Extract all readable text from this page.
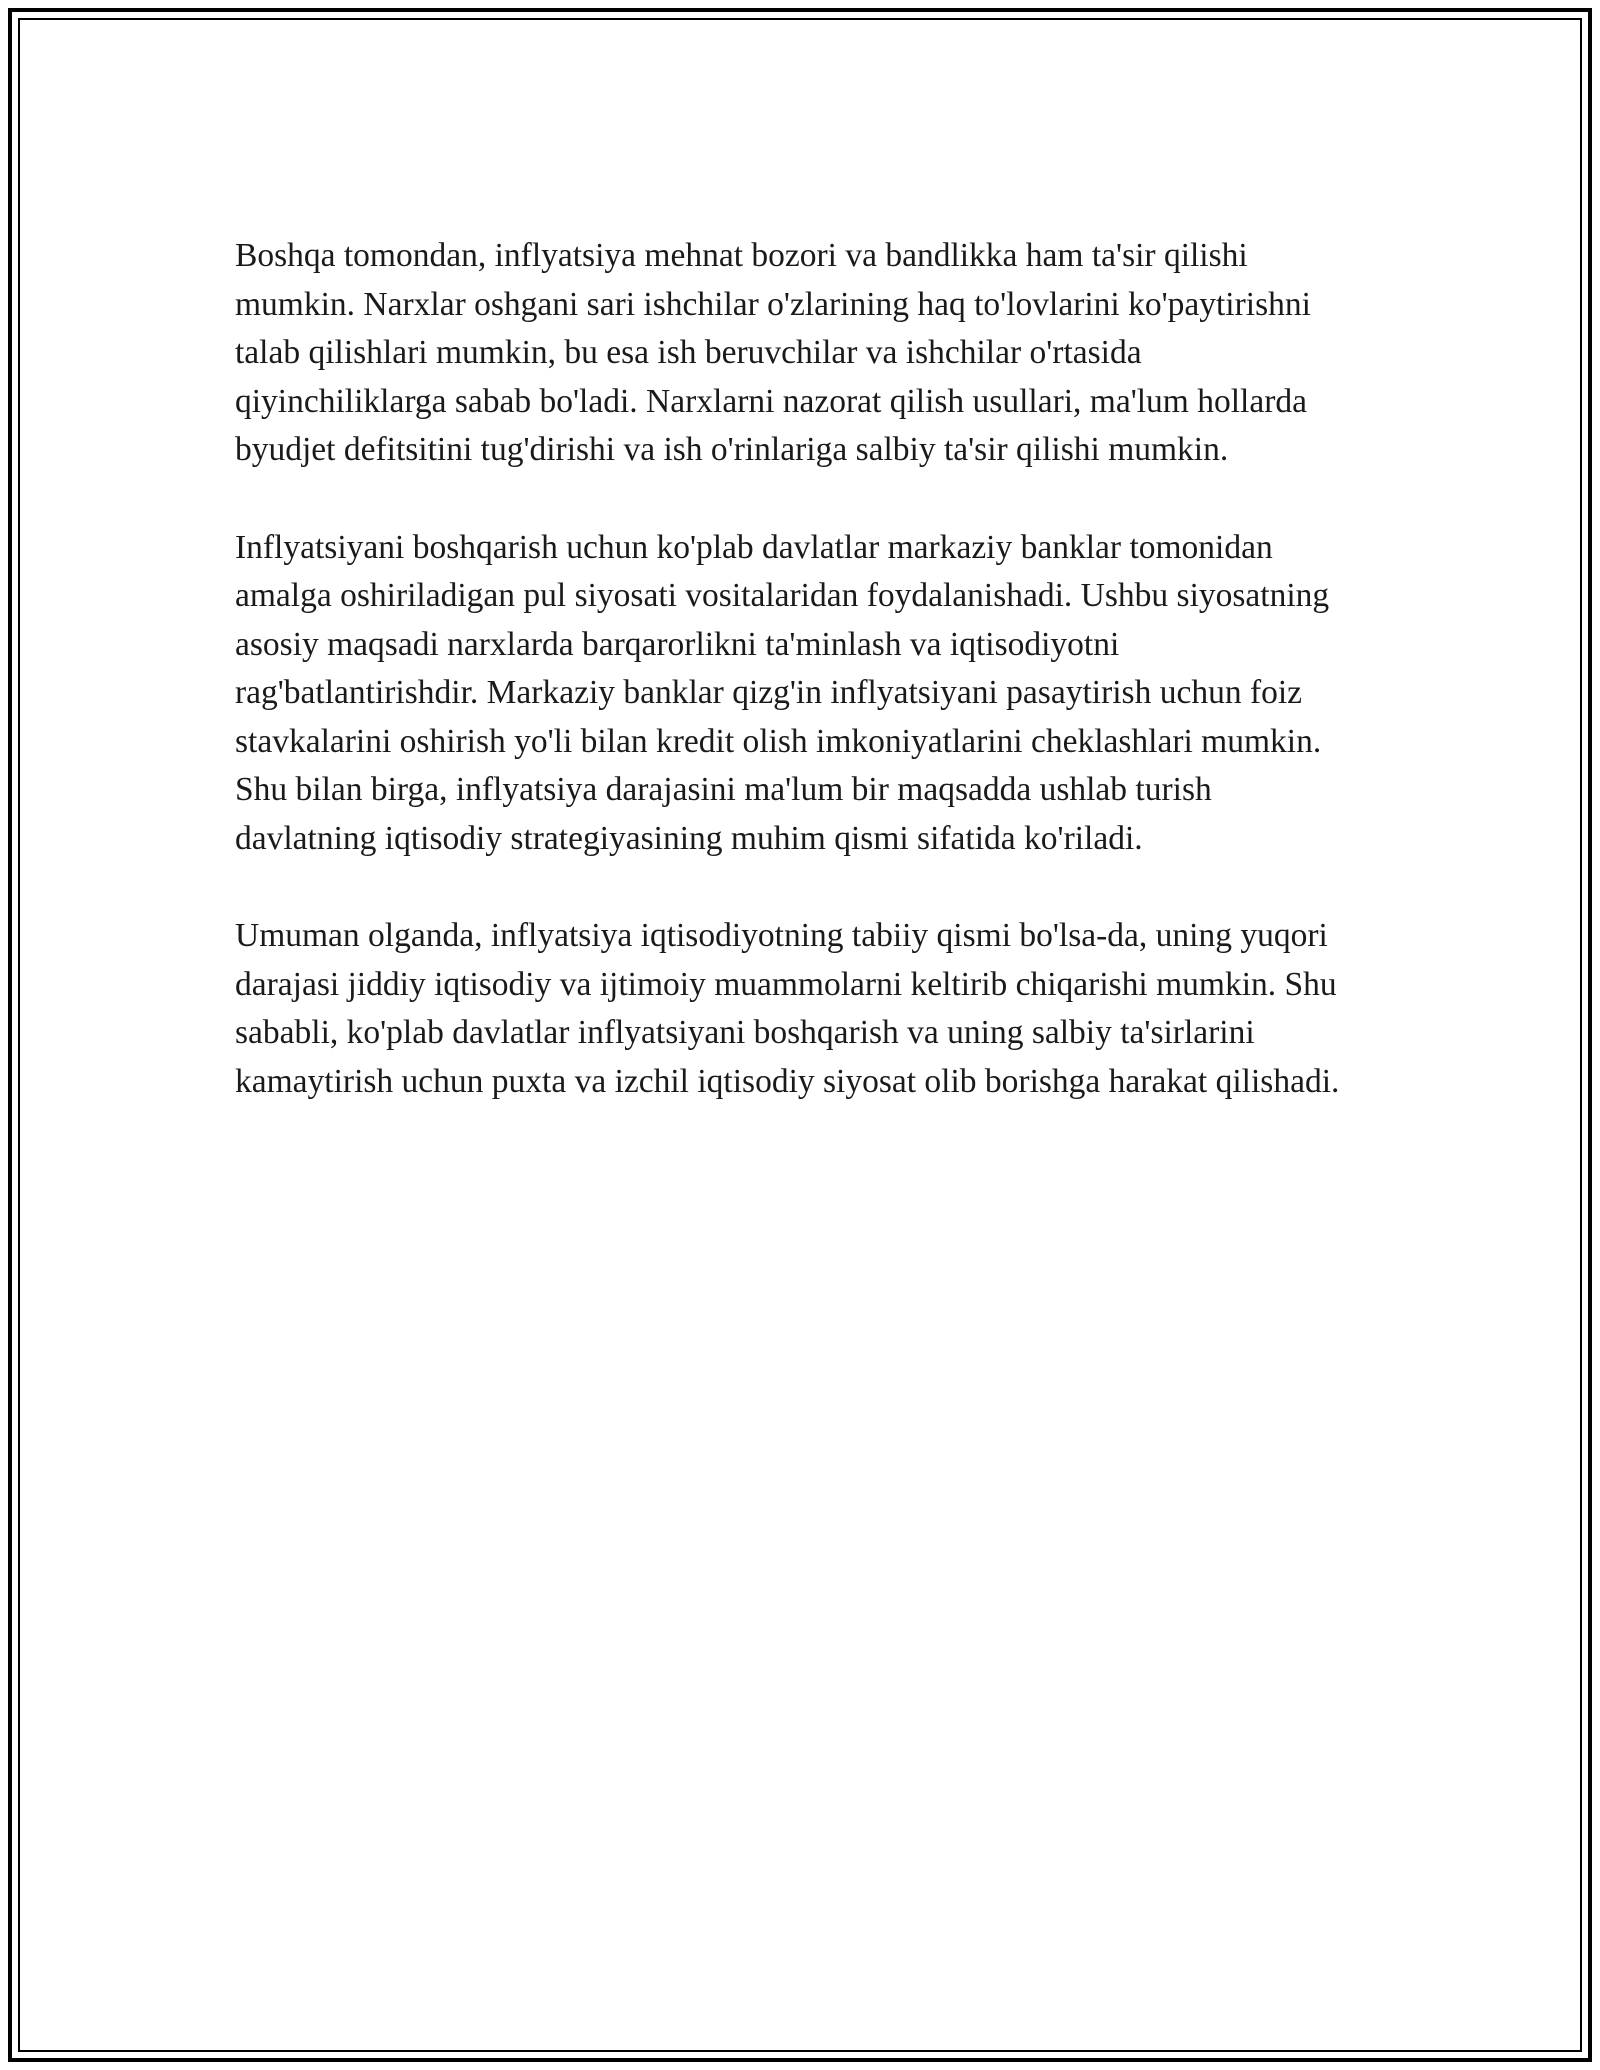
Boshqa tomondan, inflyatsiya mehnat bozori va bandlikka ham ta'sir qilishi mumkin. Narxlar oshgani sari ishchilar o'zlarining haq to'lovlarini ko'paytirishni talab qilishlari mumkin, bu esa ish beruvchilar va ishchilar o'rtasida qiyinchiliklarga sabab bo'ladi. Narxlarni nazorat qilish usullari, ma'lum hollarda byudjet defitsitini tug'dirishi va ish o'rinlariga salbiy ta'sir qilishi mumkin.

Inflyatsiyani boshqarish uchun ko'plab davlatlar markaziy banklar tomonidan amalga oshiriladigan pul siyosati vositalaridan foydalanishadi. Ushbu siyosatning asosiy maqsadi narxlarda barqarorlikni ta'minlash va iqtisodiyotni rag'batlantirishdir. Markaziy banklar qizg'in inflyatsiyani pasaytirish uchun foiz stavkalarini oshirish yo'li bilan kredit olish imkoniyatlarini cheklashlari mumkin. Shu bilan birga, inflyatsiya darajasini ma'lum bir maqsadda ushlab turish davlatning iqtisodiy strategiyasining muhim qismi sifatida ko'riladi.

Umuman olganda, inflyatsiya iqtisodiyotning tabiiy qismi bo'lsa-da, uning yuqori darajasi jiddiy iqtisodiy va ijtimoiy muammolarni keltirib chiqarishi mumkin. Shu sababli, ko'plab davlatlar inflyatsiyani boshqarish va uning salbiy ta'sirlarini kamaytirish uchun puxta va izchil iqtisodiy siyosat olib borishga harakat qilishadi.
